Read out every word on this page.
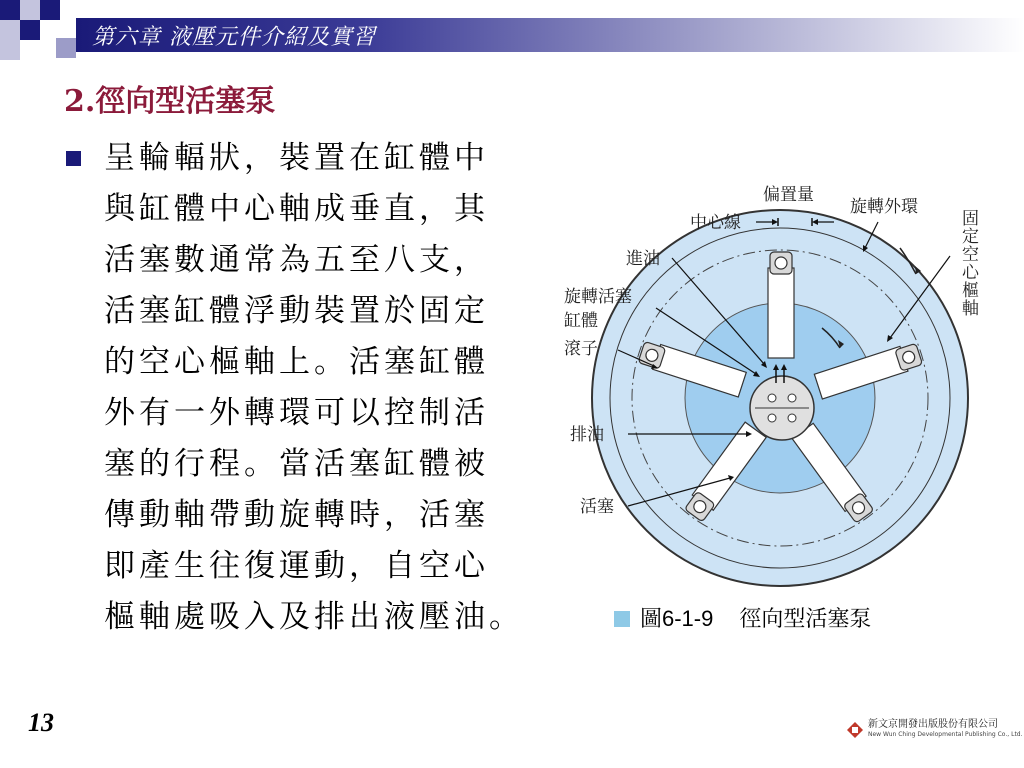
第六章 液壓元件介紹及實習
2.徑向型活塞泵
呈輪輻狀，裝置在缸體中
與缸體中心軸成垂直，其
活塞數通常為五至八支，
活塞缸體浮動裝置於固定
的空心樞軸上。活塞缸體
外有一外轉環可以控制活
塞的行程。當活塞缸體被
傳動軸帶動旋轉時，活塞
即產生往復運動，自空心
樞軸處吸入及排出液壓油。
偏置量
中心線
旋轉外環
固
定
空
心
樞
軸
進油
旋轉活塞
缸體
滾子
排油
活塞
圖6-1-9 徑向型活塞泵
13	新文京開發出版股份有限公司
New Wun Ching Developmental Publishing Co., Ltd.
